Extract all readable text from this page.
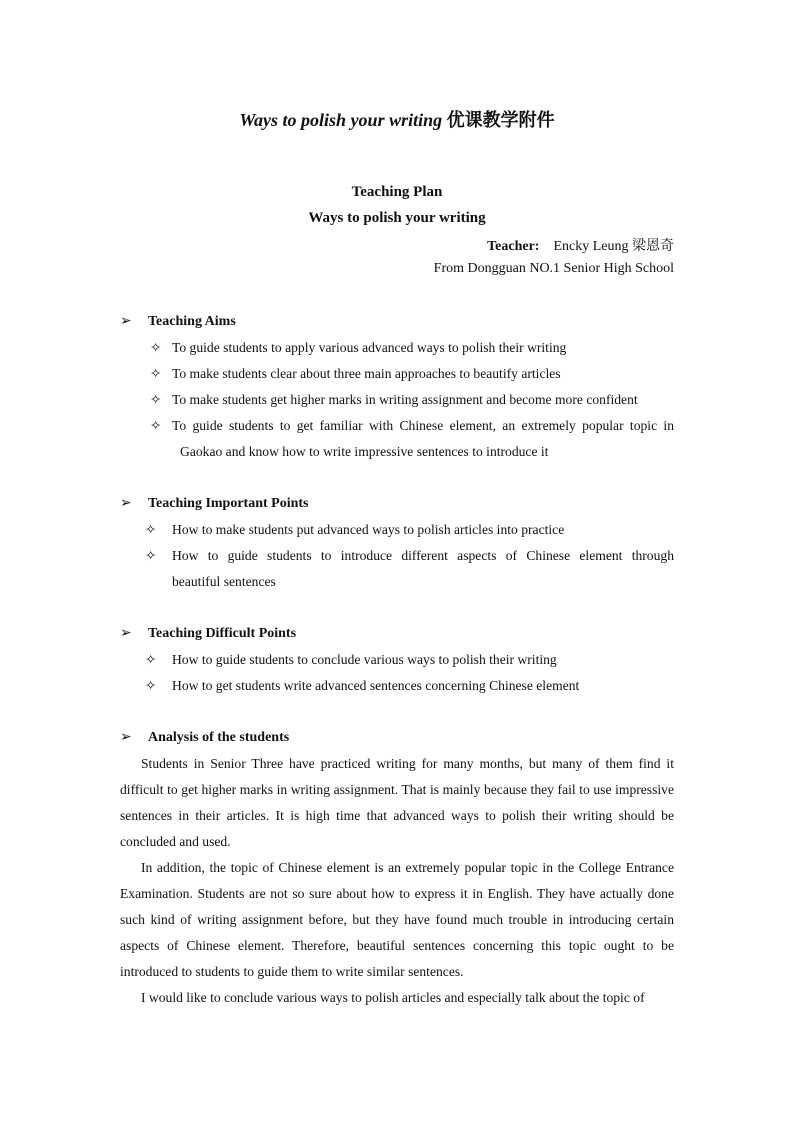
Ways to polish your writing 优课教学附件
Teaching Plan
Ways to polish your writing
Teacher: Encky Leung 梁恩奇
From Dongguan NO.1 Senior High School
➢ Teaching Aims
✧ To guide students to apply various advanced ways to polish their writing
✧ To make students clear about three main approaches to beautify articles
✧ To make students get higher marks in writing assignment and become more confident
✧ To guide students to get familiar with Chinese element, an extremely popular topic in
Gaokao and know how to write impressive sentences to introduce it
➢ Teaching Important Points
✧ How to make students put advanced ways to polish articles into practice
✧	How to guide students to introduce different aspects of Chinese element through
beautiful sentences
➢ Teaching Difficult Points
✧ How to guide students to conclude various ways to polish their writing
✧ How to get students write advanced sentences concerning Chinese element
➢ Analysis of the students

Students in Senior Three have practiced writing for many months, but many of them find it difficult to get higher marks in writing assignment. That is mainly because they fail to use impressive sentences in their articles. It is high time that advanced ways to polish their writing should be concluded and used.

In addition, the topic of Chinese element is an extremely popular topic in the College Entrance Examination. Students are not so sure about how to express it in English. They have actually done such kind of writing assignment before, but they have found much trouble in introducing certain aspects of Chinese element. Therefore, beautiful sentences concerning this topic ought to be introduced to students to guide them to write similar sentences.

I would like to conclude various ways to polish articles and especially talk about the topic of
